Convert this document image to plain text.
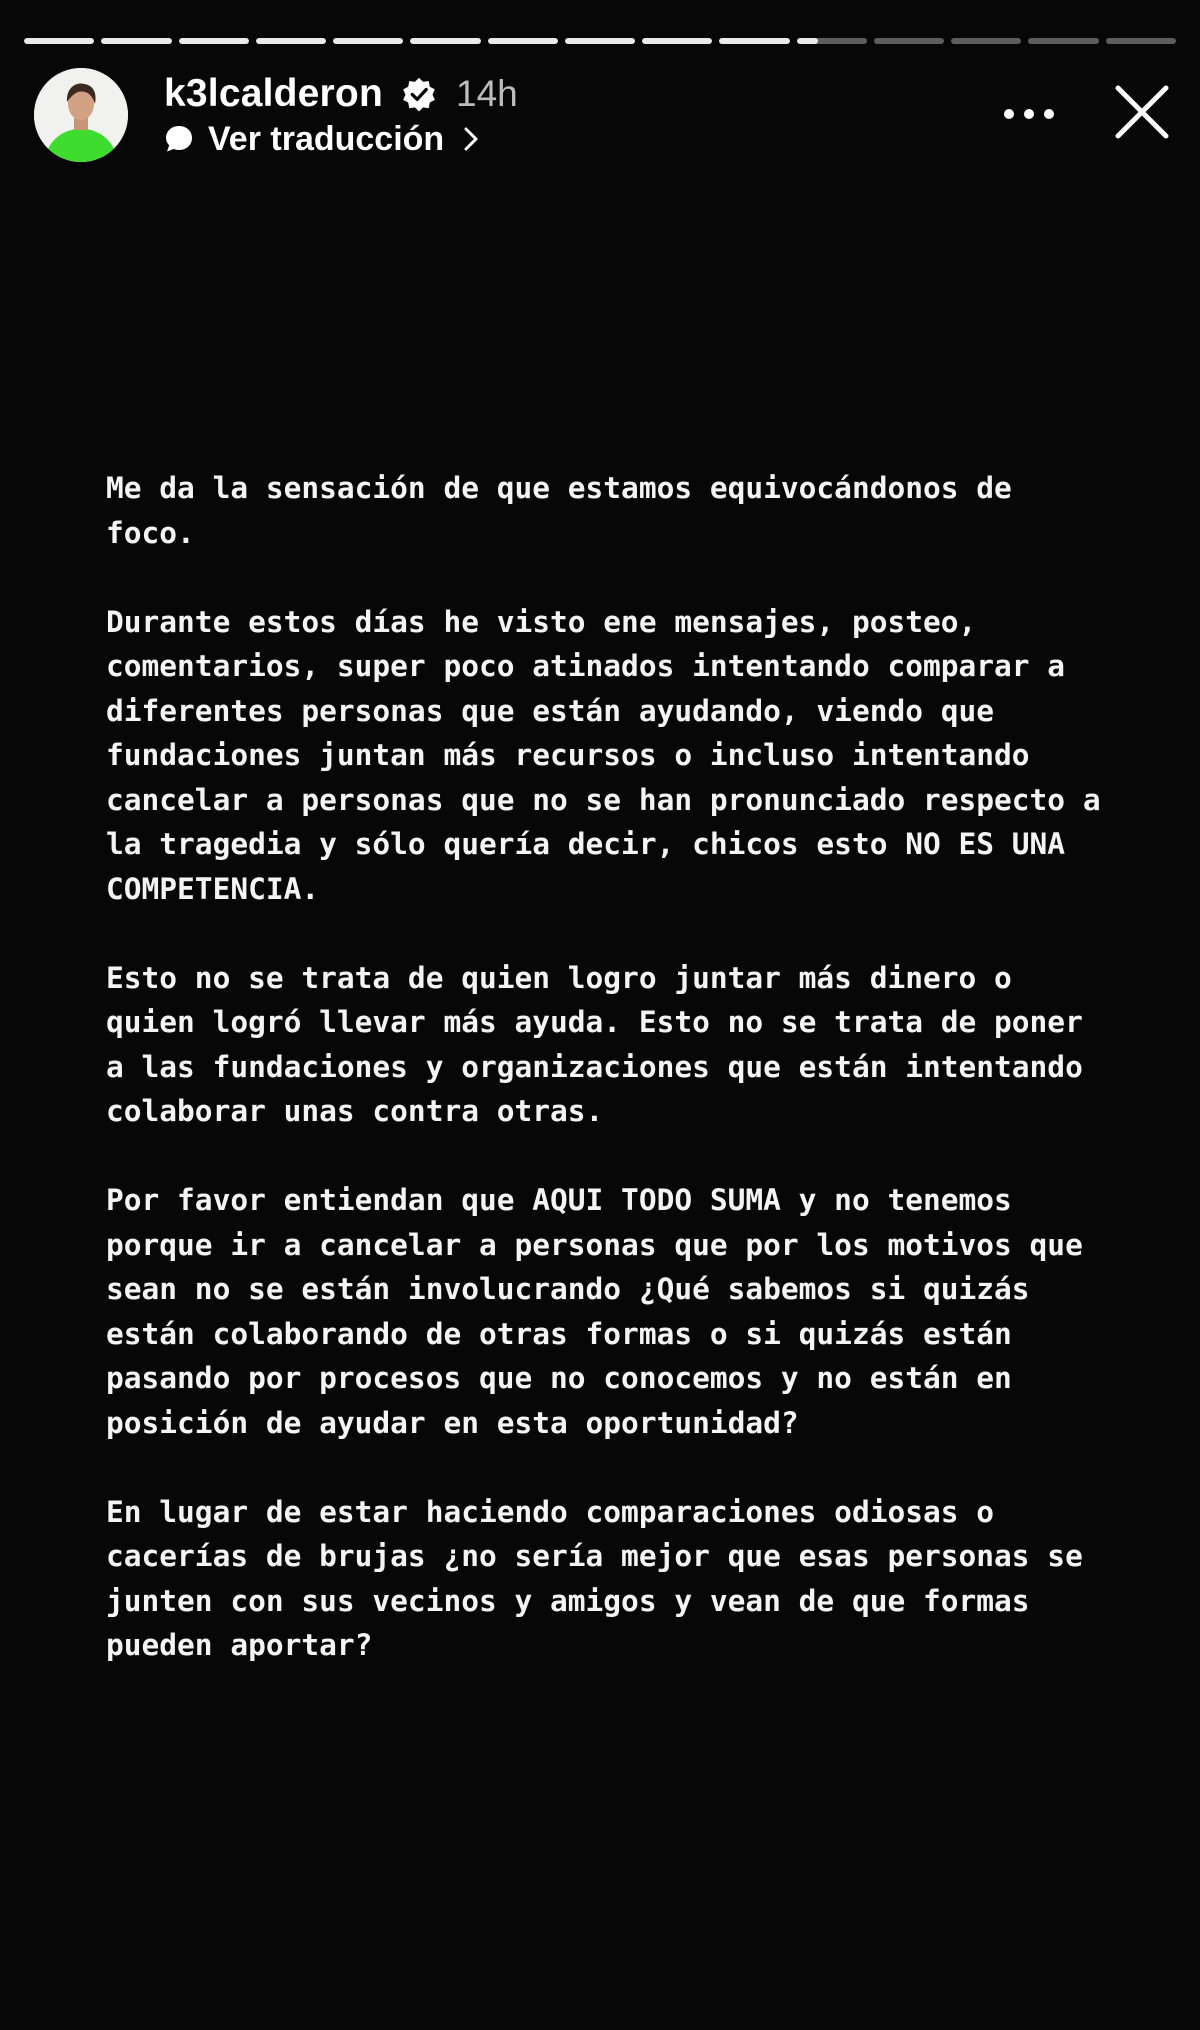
k3lcalderon 14h
Ver traducción

Me da la sensación de que estamos equivocándonos de foco.

Durante estos días he visto ene mensajes, posteo, comentarios, super poco atinados intentando comparar a diferentes personas que están ayudando, viendo que fundaciones juntan más recursos o incluso intentando cancelar a personas que no se han pronunciado respecto a la tragedia y sólo quería decir, chicos esto NO ES UNA COMPETENCIA.

Esto no se trata de quien logro juntar más dinero o quien logró llevar más ayuda. Esto no se trata de poner a las fundaciones y organizaciones que están intentando colaborar unas contra otras.

Por favor entiendan que AQUI TODO SUMA y no tenemos porque ir a cancelar a personas que por los motivos que sean no se están involucrando ¿Qué sabemos si quizás están colaborando de otras formas o si quizás están pasando por procesos que no conocemos y no están en posición de ayudar en esta oportunidad?

En lugar de estar haciendo comparaciones odiosas o cacerías de brujas ¿no sería mejor que esas personas se junten con sus vecinos y amigos y vean de que formas pueden aportar?
